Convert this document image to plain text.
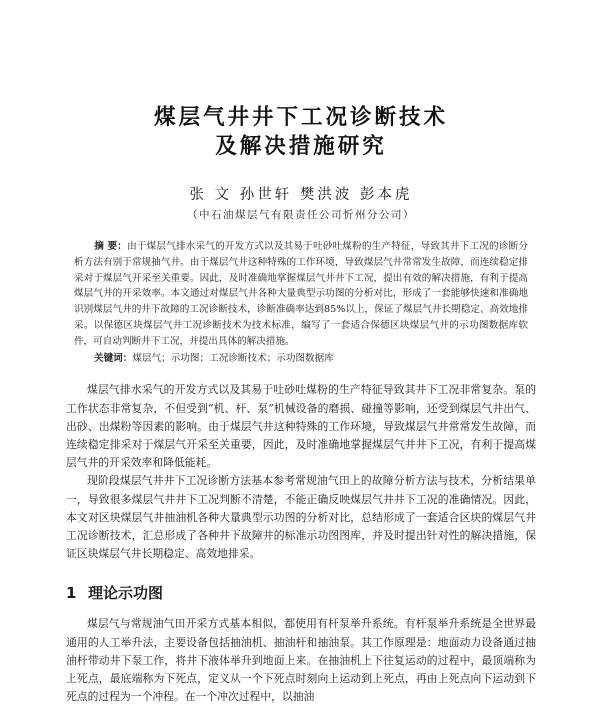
煤层气井井下工况诊断技术
及解决措施研究
张 文 孙世轩 樊洪波 彭本虎
（中石油煤层气有限责任公司忻州分公司）
摘 要：由于煤层气排水采气的开发方式以及其易于吐砂吐煤粉的生产特征，导致其井下工况的诊断分析方法有别于常规抽气井。由于煤层气井这种特殊的工作环境，导致煤层气井常常发生故障，而连续稳定排采对于煤层气开采至关重要。因此，及时准确地掌握煤层气井井下工况，提出有效的解决措施，有利于提高煤层气井的开采效率。本文通过对煤层气井各种大量典型示功图的分析对比，形成了一套能够快速和准确地识别煤层气井的井下故障的工况诊断技术，诊断准确率达到85%以上，保证了煤层气井长期稳定、高效地排采。以保德区块煤层气井工况诊断技术为技术标准，编写了一套适合保德区块煤层气井的示功图数据库软件，可自动判断井下工况，并提出具体的解决措施。
关键词：煤层气；示功图；工况诊断技术；示功图数据库

煤层气排水采气的开发方式以及其易于吐砂吐煤粉的生产特征导致其井下工况非常复杂。泵的工作状态非常复杂，不但受到“机、杆、泵”机械设备的磨损、碰撞等影响，还受到煤层气井出气、出砂、出煤粉等因素的影响。由于煤层气井这种特殊的工作环境，导致煤层气井常常发生故障，而连续稳定排采对于煤层气开采至关重要，因此，及时准确地掌握煤层气井井下工况，有利于提高煤层气井的开采效率和降低能耗。

现阶段煤层气井井下工况诊断方法基本参考常规油气田上的故障分析方法与技术，分析结果单一，导致很多煤层气井井下工况判断不清楚，不能正确反映煤层气井井下工况的准确情况。因此，本文对区块煤层气井抽油机各种大量典型示功图的分析对比，总结形成了一套适合区块的煤层气井工况诊断技术，汇总形成了各种井下故障井的标准示功图图库，并及时提出针对性的解决措施，保证区块煤层气井长期稳定、高效地排采。

1 理论示功图

煤层气与常规油气田开采方式基本相似，都使用有杆泵举升系统。有杆泵举升系统是全世界最通用的人工举升法，主要设备包括抽油机、抽油杆和抽油泵。其工作原理是：地面动力设备通过抽油杆带动井下泵工作，将井下液体举升到地面上来。在抽油机上下往复运动的过程中，最顶端称为上死点，最底端称为下死点，定义从一个下死点时刻向上运动到上死点，再由上死点向下运动到下死点的过程为一个冲程。在一个冲次过程中，以抽油
